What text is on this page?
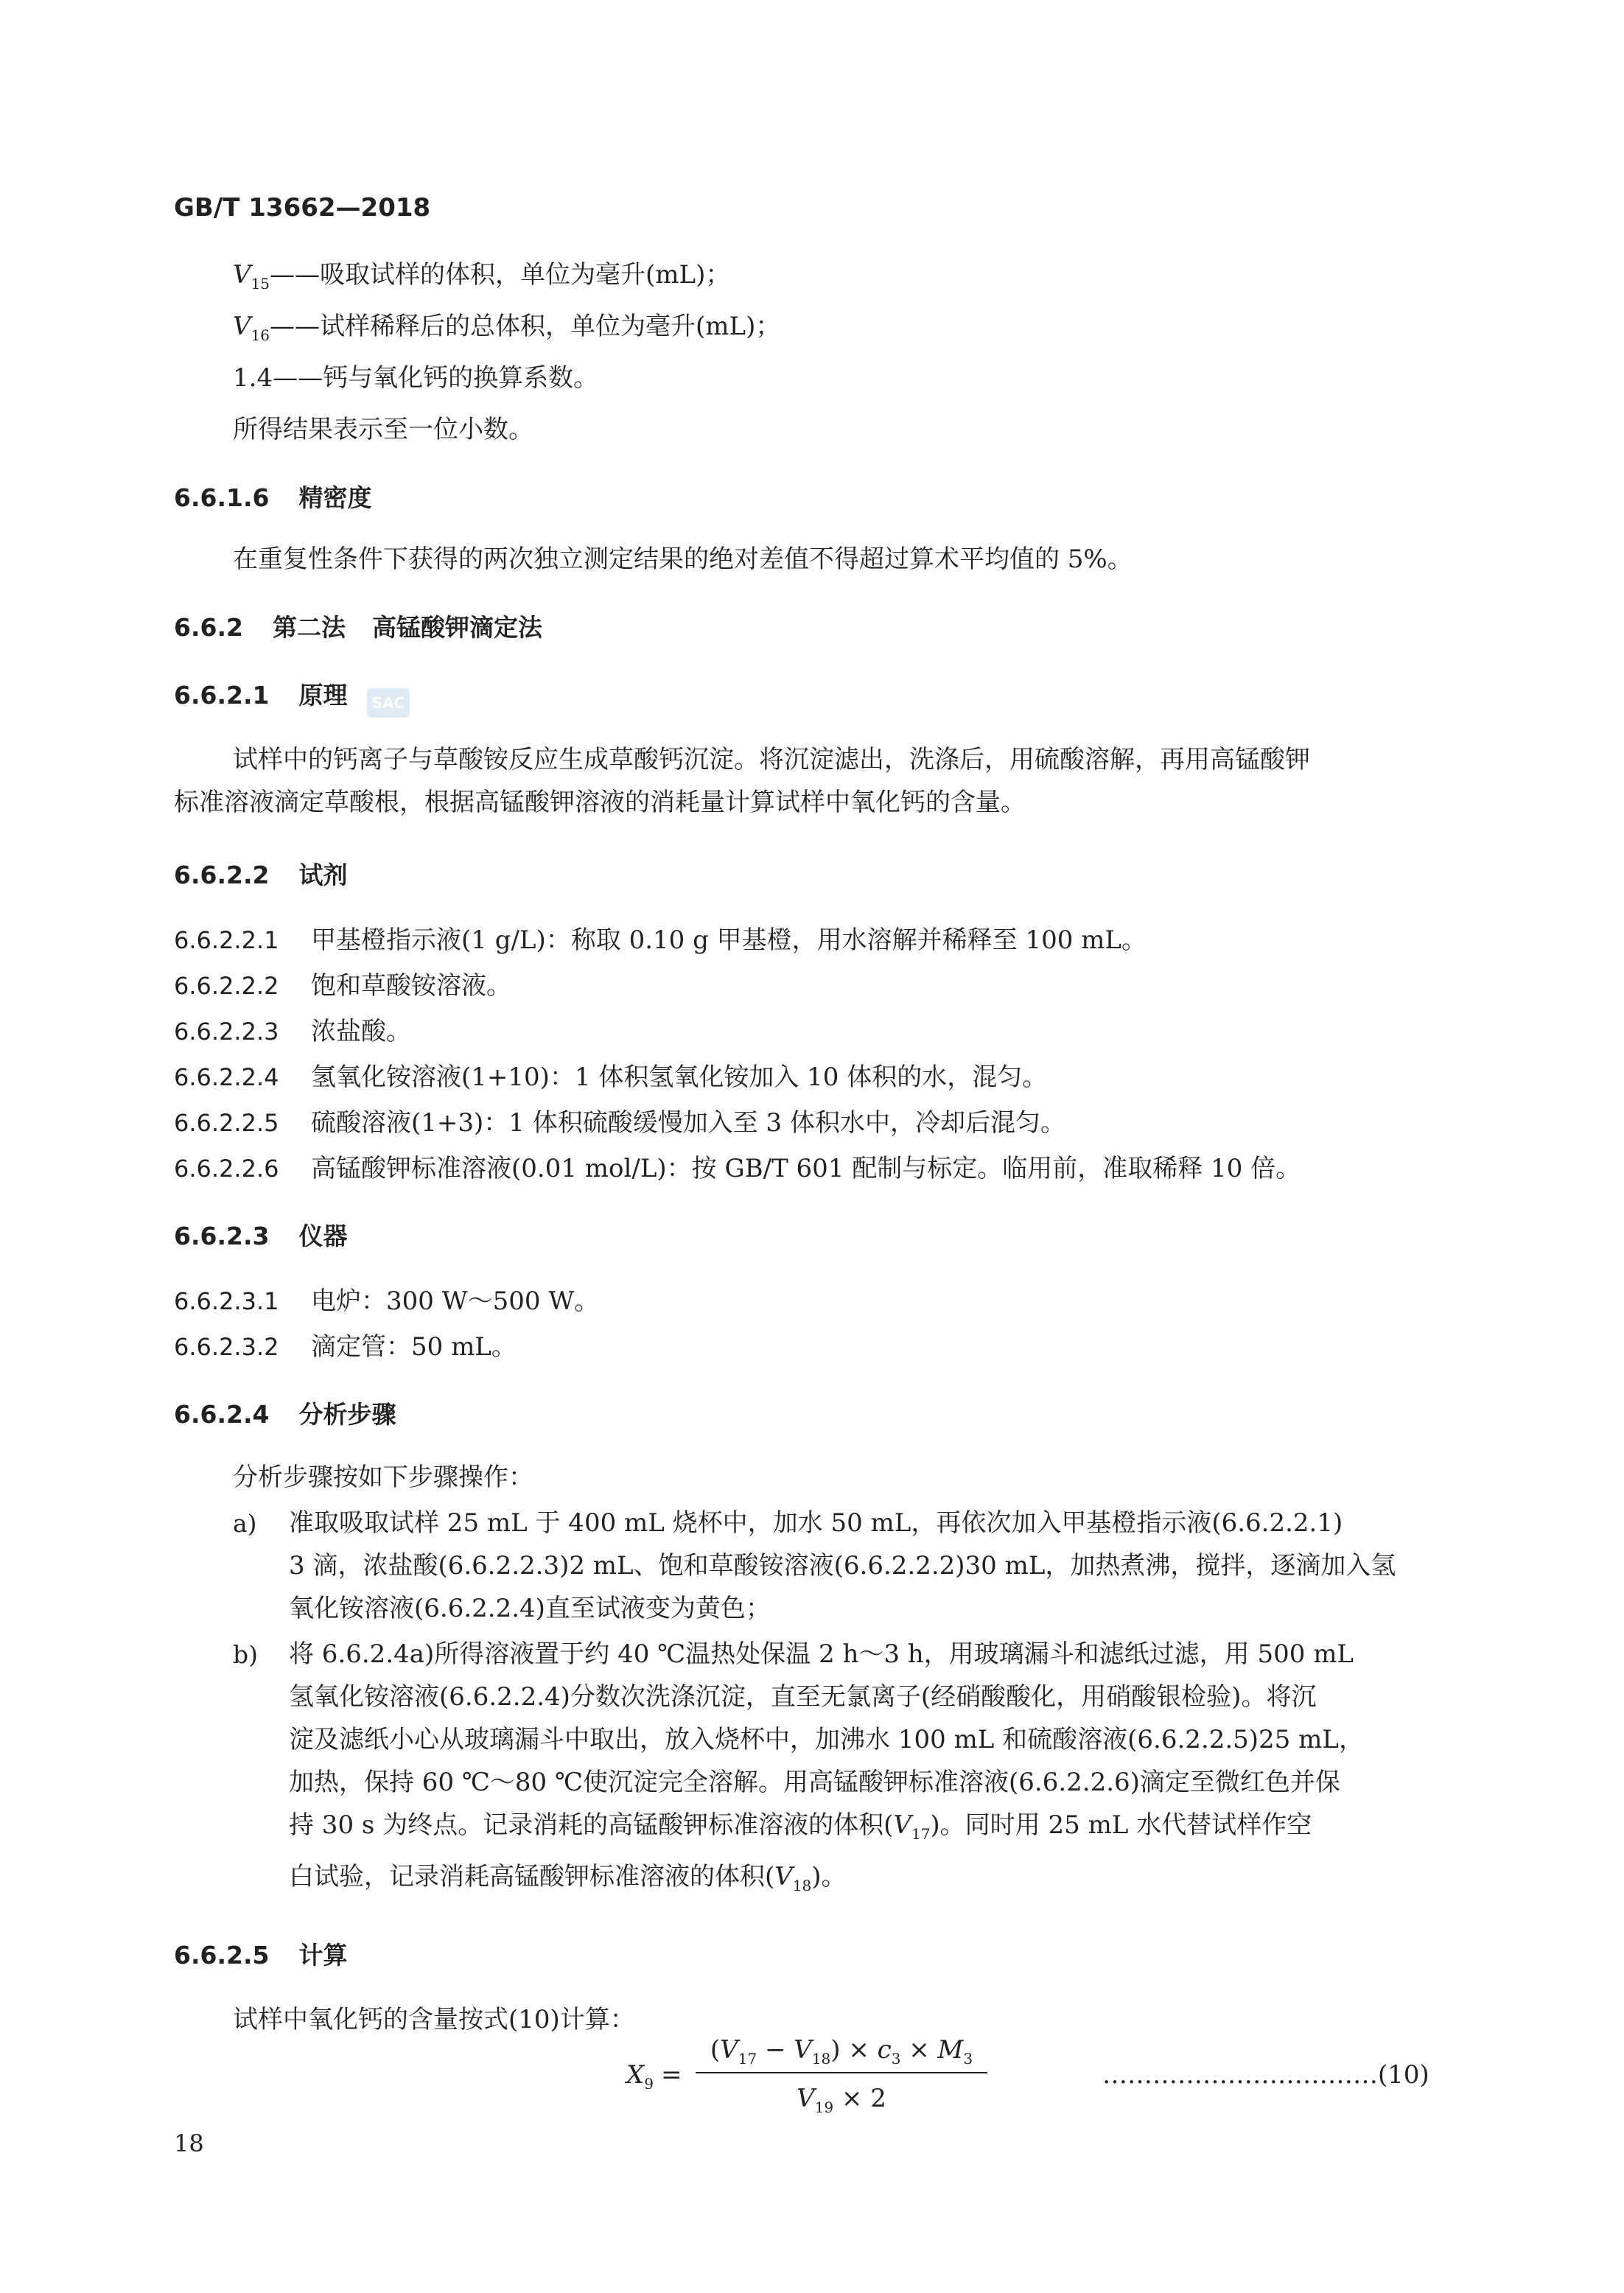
GB/T 13662—2018
$V_{15}——$吸取试样的体积，单位为毫升(mL)；
$V_{16}——$试样稀释后的总体积，单位为毫升(mL)；
1.4——钙与氧化钙的换算系数。
所得结果表示至一位小数。
6.6.1.6 精密度
在重复性条件下获得的两次独立测定结果的绝对差值不得超过算术平均值的 5%。
6.6.2 第二法 高锰酸钾滴定法
6.6.2.1 原理	SAC
试样中的钙离子与草酸铵反应生成草酸钙沉淀。将沉淀滤出，洗涤后，用硫酸溶解，再用高锰酸钾
标准溶液滴定草酸根，根据高锰酸钾溶液的消耗量计算试样中氧化钙的含量。
6.6.2.2 试剂
6.6.2.2.1 甲基橙指示液(1 g/L)：称取 0.10 g 甲基橙，用水溶解并稀释至 100 mL。
6.6.2.2.2 饱和草酸铵溶液。
6.6.2.2.3 浓盐酸。
6.6.2.2.4 氢氧化铵溶液(1+10)：1 体积氢氧化铵加入 10 体积的水，混匀。
6.6.2.2.5 硫酸溶液(1+3)：1 体积硫酸缓慢加入至 3 体积水中，冷却后混匀。
6.6.2.2.6 高锰酸钾标准溶液(0.01 mol/L)：按 GB/T 601 配制与标定。临用前，准取稀释 10 倍。
6.6.2.3 仪器
6.6.2.3.1 电炉：300 W～500 W。
6.6.2.3.2 滴定管：50 mL。
6.6.2.4 分析步骤
分析步骤按如下步骤操作：
a) 准取吸取试样 25 mL 于 400 mL 烧杯中，加水 50 mL，再依次加入甲基橙指示液(6.6.2.2.1)
3 滴，浓盐酸(6.6.2.2.3)2 mL、饱和草酸铵溶液(6.6.2.2.2)30 mL，加热煮沸，搅拌，逐滴加入氢
氧化铵溶液(6.6.2.2.4)直至试液变为黄色；
b) 将 6.6.2.4a)所得溶液置于约 40 ℃温热处保温 2 h～3 h，用玻璃漏斗和滤纸过滤，用 500 mL
氢氧化铵溶液(6.6.2.2.4)分数次洗涤沉淀，直至无氯离子(经硝酸酸化，用硝酸银检验)。将沉
淀及滤纸小心从玻璃漏斗中取出，放入烧杯中，加沸水 100 mL 和硫酸溶液(6.6.2.2.5)25 mL，
加热，保持 60 ℃～80 ℃使沉淀完全溶解。用高锰酸钾标准溶液(6.6.2.2.6)滴定至微红色并保
持 30 s 为终点。记录消耗的高锰酸钾标准溶液的体积$(V_{17})$。同时用 25 mL 水代替试样作空
白试验，记录消耗高锰酸钾标准溶液的体积$(V_{18})$。
6.6.2.5 计算
试样中氧化钙的含量按式(10)计算：
$X_9$ =
$(V_{17} - V_{18}) \times c_3 \times M_3$
$V_{19} \times 2$
……………………………(10)
18
